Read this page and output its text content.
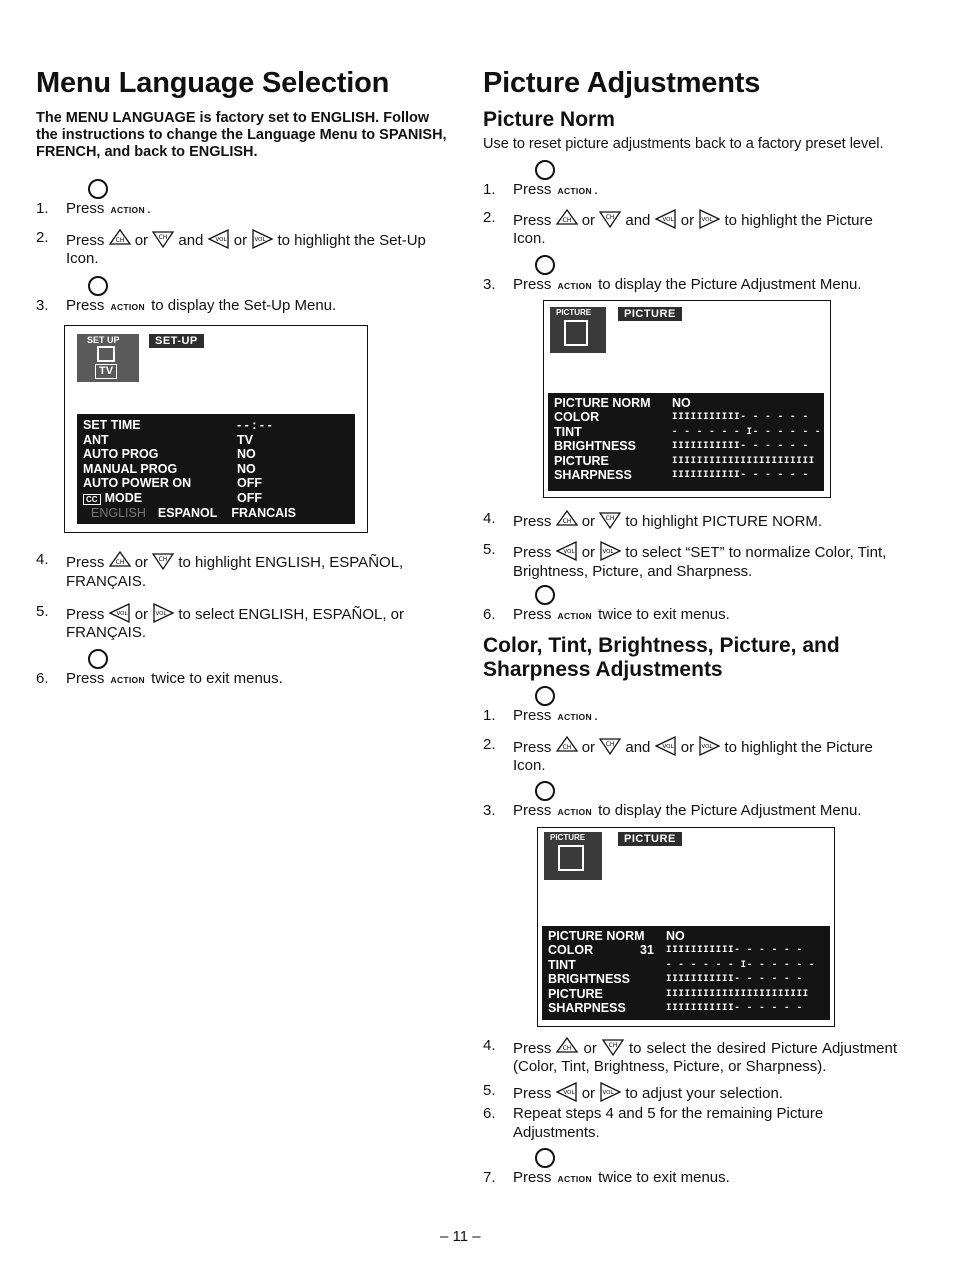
Menu Language Selection

The MENU LANGUAGE is factory set to ENGLISH. Follow the instructions to change the Language Menu to SPANISH, FRENCH, and back to ENGLISH.

1. Press ACTION .
2. Press CH or CH and VOL or VOL to highlight the Set-Up Icon.
3. Press ACTION to display the Set-Up Menu.
SET UP
TV
SET-UP
SET TIME	- - : - -
ANT	TV
AUTO PROG	NO
MANUAL PROG	NO
AUTO POWER ON	OFF
CC MODE	OFF
ENGLISH ESPANOL FRANCAIS
4. Press CH or CH to highlight ENGLISH, ESPAÑOL, FRANÇAIS.
5. Press VOL or VOL to select ENGLISH, ESPAÑOL, or FRANÇAIS.
6. Press ACTION twice to exit menus.
Picture Adjustments
Picture Norm

Use to reset picture adjustments back to a factory preset level.

1. Press ACTION .
2. Press CH or CH and VOL or VOL to highlight the Picture Icon.
3. Press ACTION to display the Picture Adjustment Menu.
PICTURE	PICTURE
PICTURE NORM NO
COLOR	IIIIIIIIIII- - - - - -
TINT	- - - - - - I- - - - - -
BRIGHTNESS	IIIIIIIIIII- - - - - -
PICTURE	IIIIIIIIIIIIIIIIIIIIIII
SHARPNESS	IIIIIIIIIII- - - - - -
4. Press CH or CH to highlight PICTURE NORM.
5. Press VOL or VOL to select “SET” to normalize Color, Tint, Brightness, Picture, and Sharpness.
6. Press ACTION twice to exit menus.
Color, Tint, Brightness, Picture, and Sharpness Adjustments
1. Press ACTION .
2. Press CH or CH and VOL or VOL to highlight the Picture Icon.
3. Press ACTION to display the Picture Adjustment Menu.
PICTURE	PICTURE
PICTURE NORM NO
COLOR	31 IIIIIIIIIII- - - - - -
TINT	- - - - - - I- - - - - -
BRIGHTNESS	IIIIIIIIIII- - - - - -
PICTURE	IIIIIIIIIIIIIIIIIIIIIII
SHARPNESS	IIIIIIIIIII- - - - - -
4. Press CH or CH to select the desired Picture Adjustment (Color, Tint, Brightness, Picture, or Sharpness).
5. Press VOL or VOL to adjust your selection.
6. Repeat steps 4 and 5 for the remaining Picture Adjustments.
7. Press ACTION twice to exit menus.
– 11 –
